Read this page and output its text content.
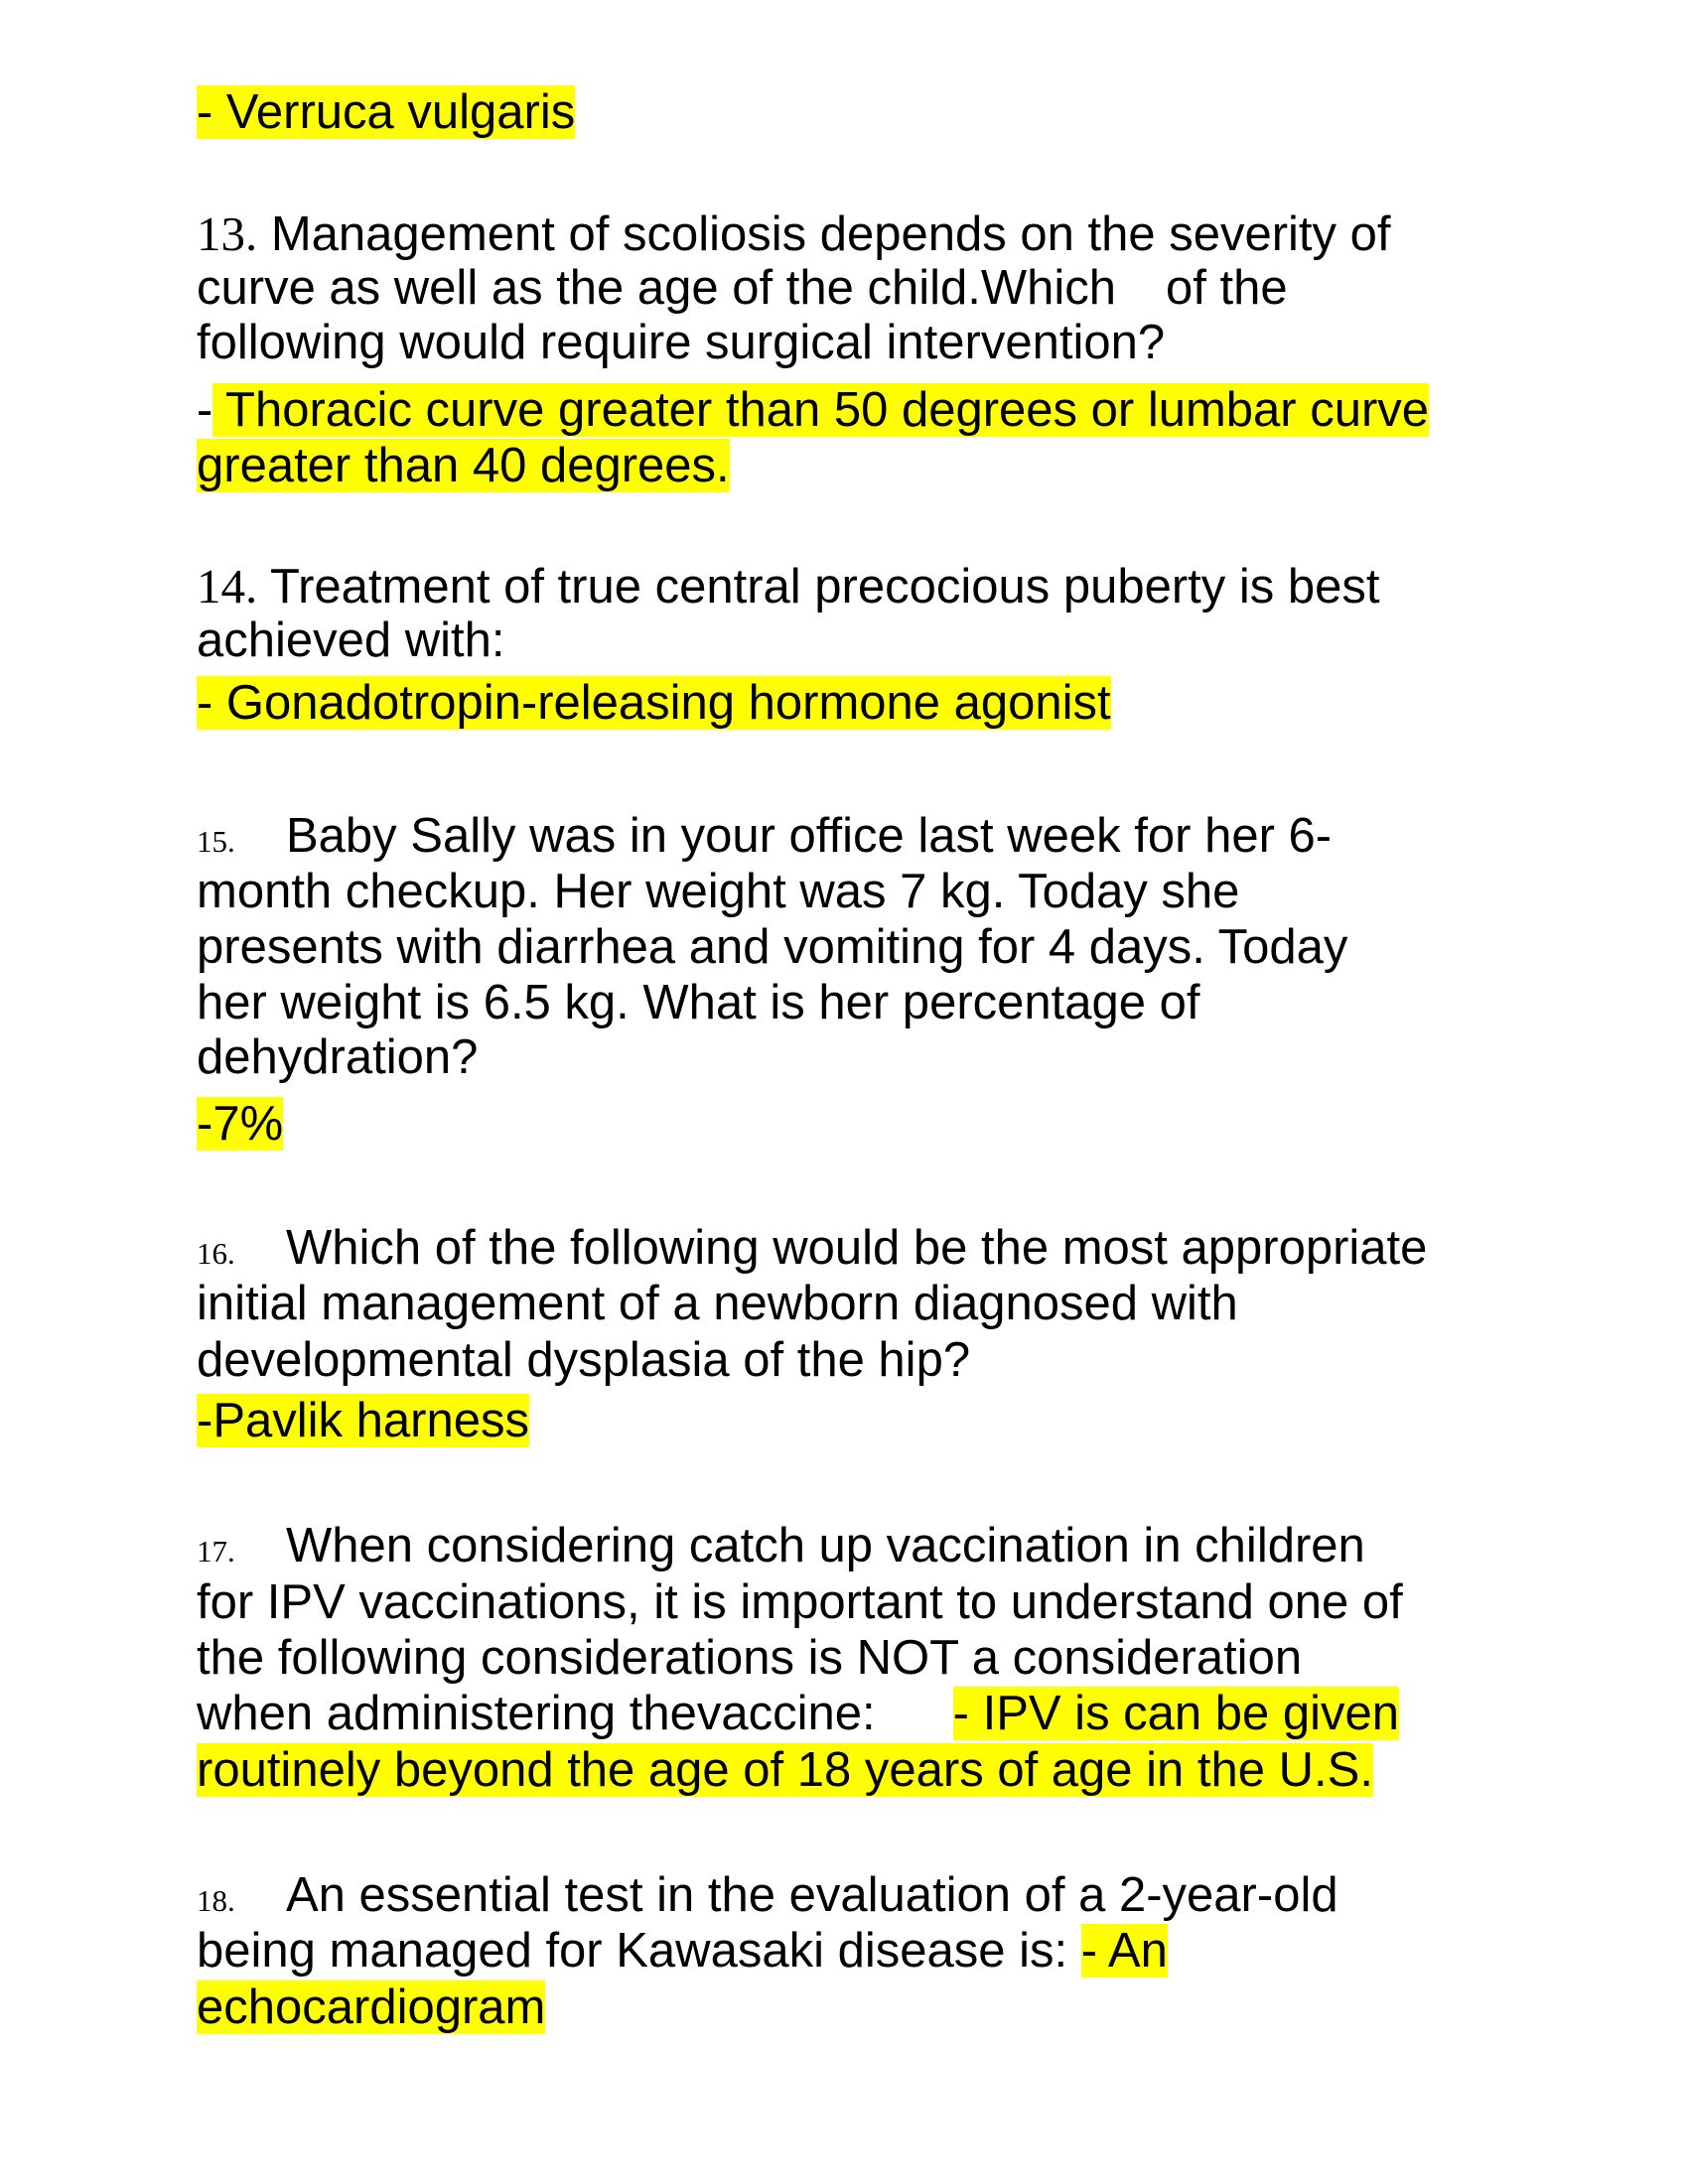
- Verruca vulgaris
13. Management of scoliosis depends on the severity of
curve as well as the age of the child.Which of the
following would require surgical intervention?
- Thoracic curve greater than 50 degrees or lumbar curve
greater than 40 degrees.
14. Treatment of true central precocious puberty is best
achieved with:
- Gonadotropin-releasing hormone agonist
15. Baby Sally was in your office last week for her 6-
month checkup. Her weight was 7 kg. Today she
presents with diarrhea and vomiting for 4 days. Today
her weight is 6.5 kg. What is her percentage of
dehydration?
-7%
16. Which of the following would be the most appropriate
initial management of a newborn diagnosed with
developmental dysplasia of the hip?
-Pavlik harness
17. When considering catch up vaccination in children
for IPV vaccinations, it is important to understand one of
the following considerations is NOT a consideration
when administering thevaccine: - IPV is can be given
routinely beyond the age of 18 years of age in the U.S.
18. An essential test in the evaluation of a 2-year-old
being managed for Kawasaki disease is: - An
echocardiogram
